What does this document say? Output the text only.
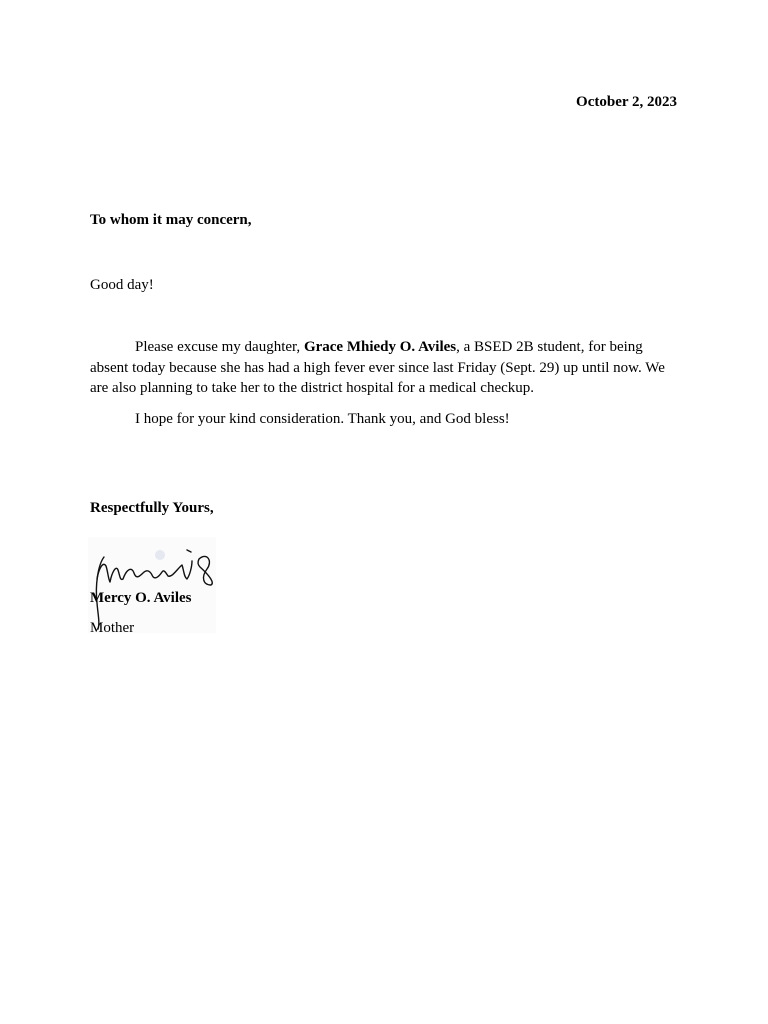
October 2, 2023
To whom it may concern,
Good day!
Please excuse my daughter, Grace Mhiedy O. Aviles, a BSED 2B student, for being absent today because she has had a high fever ever since last Friday (Sept. 29) up until now. We are also planning to take her to the district hospital for a medical checkup.
I hope for your kind consideration. Thank you, and God bless!
Respectfully Yours,
Mercy O. Aviles
Mother
